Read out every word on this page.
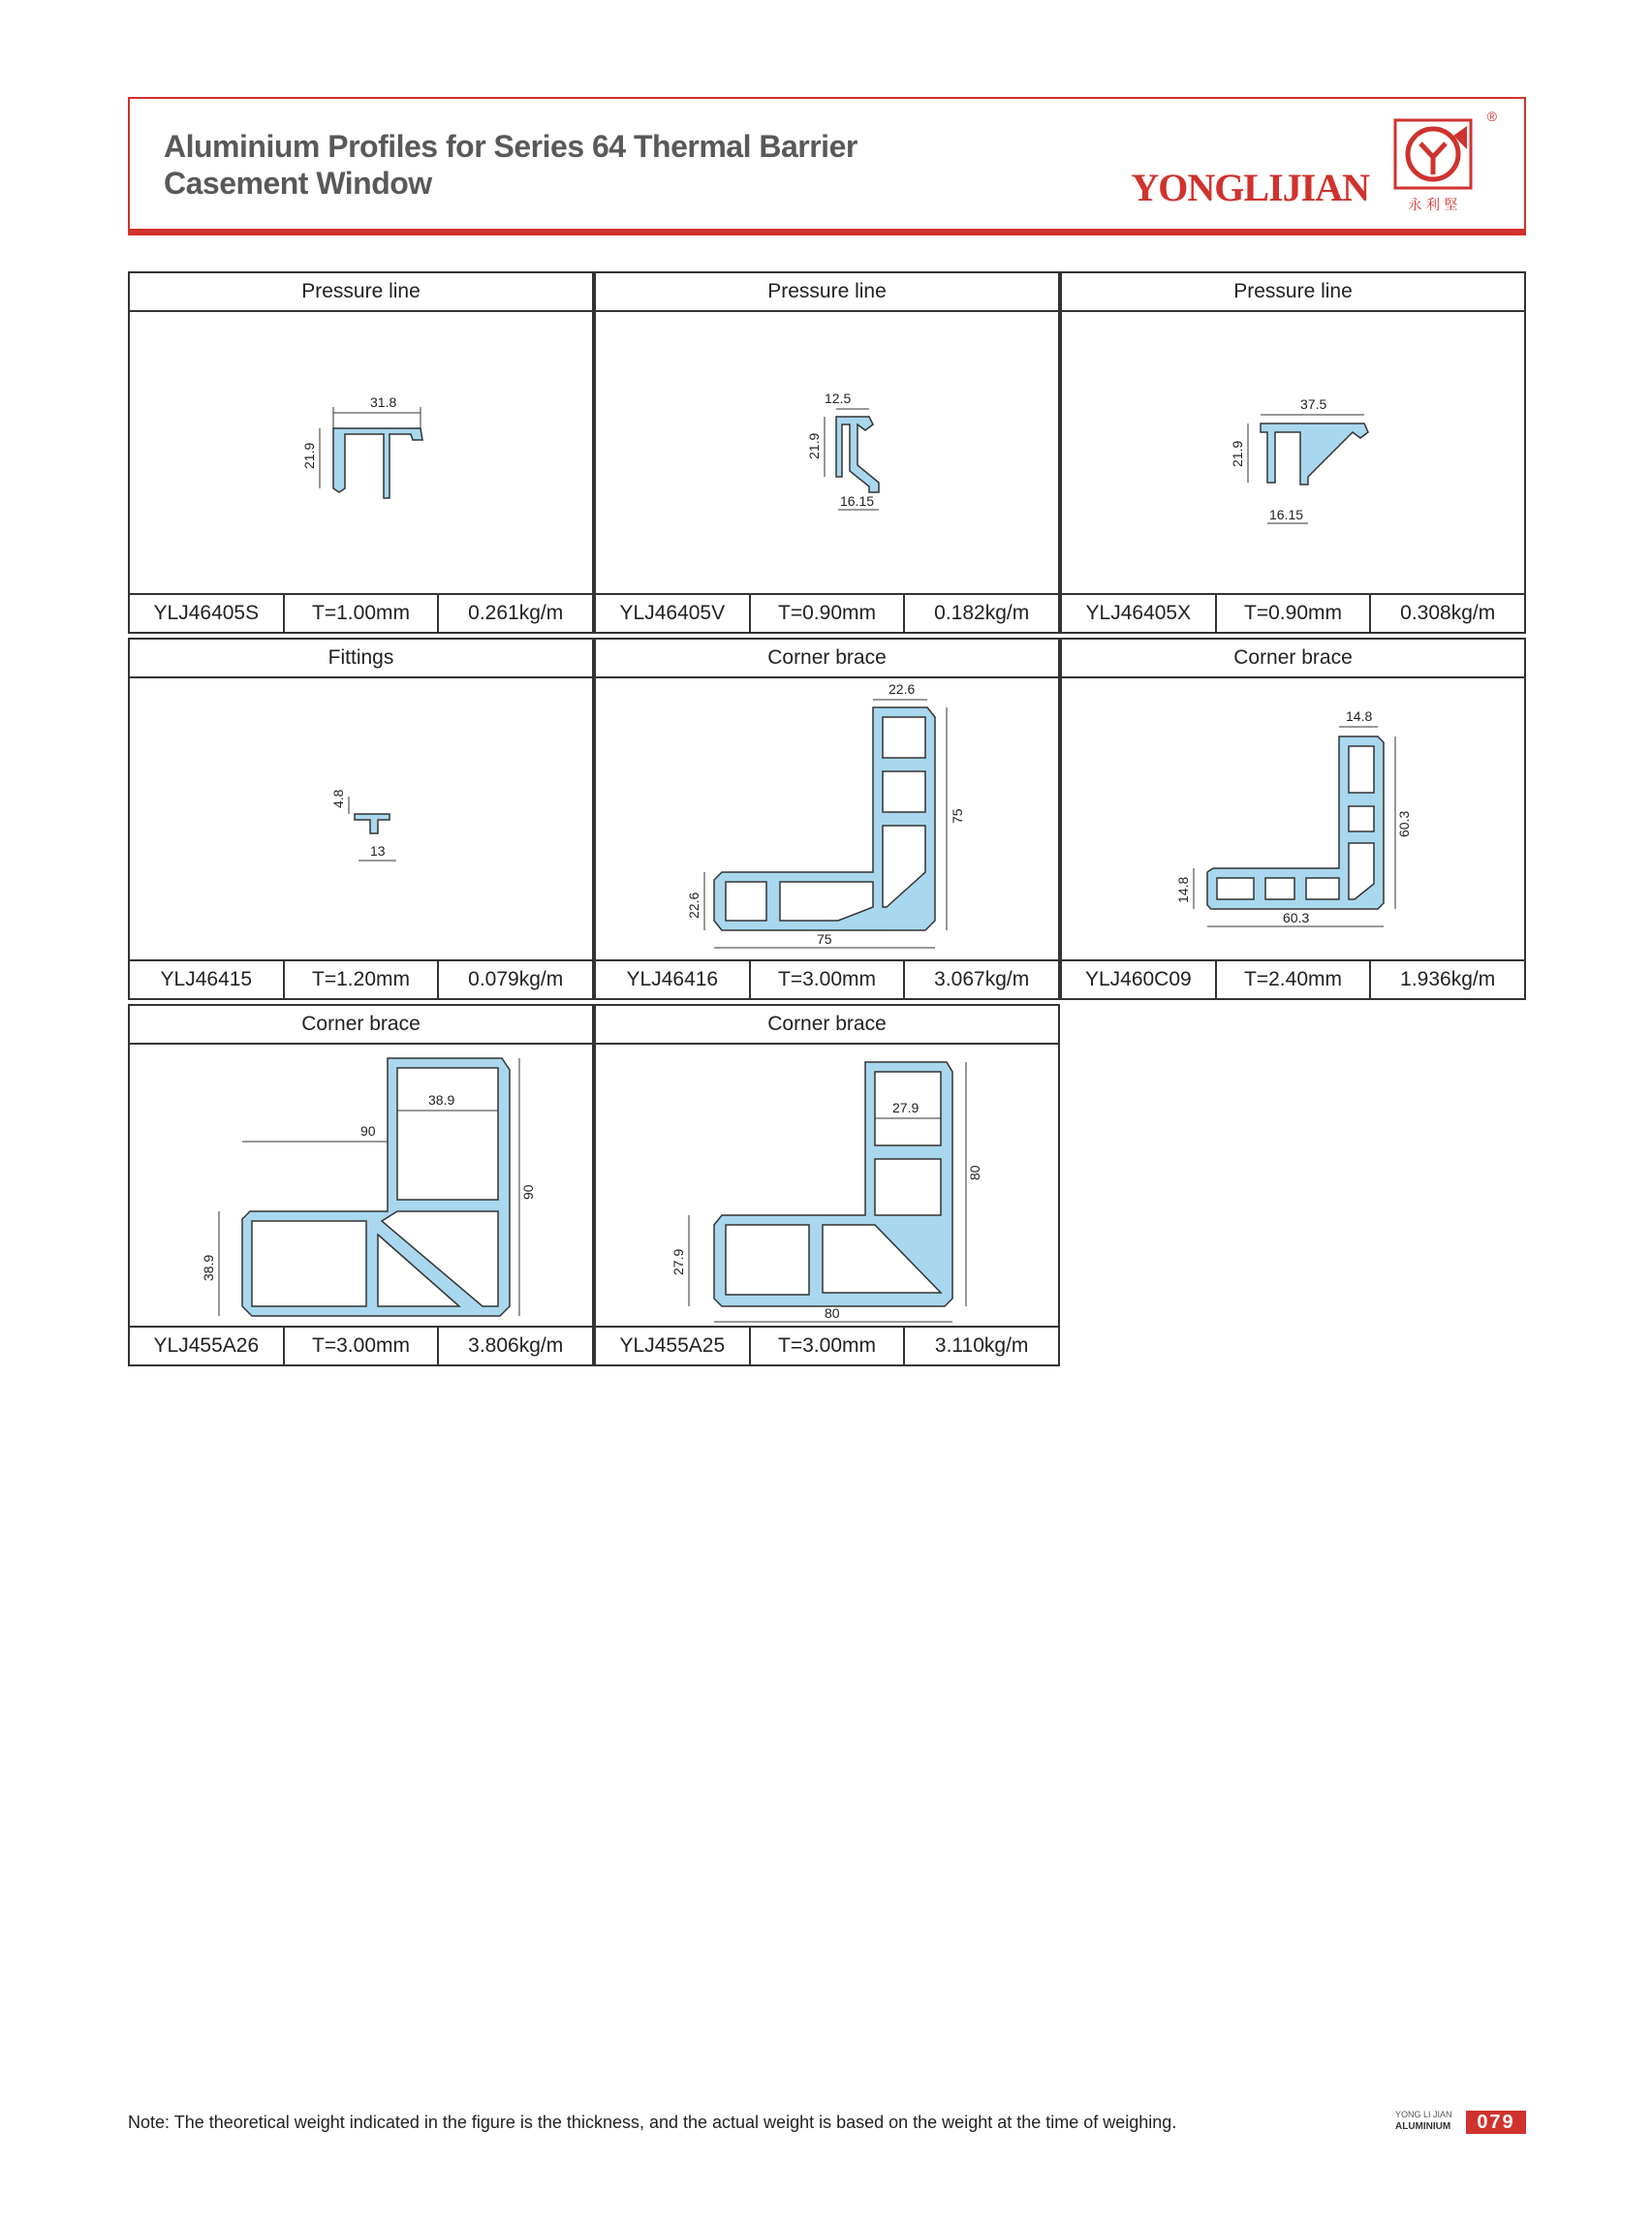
Aluminium Profiles for Series 64 Thermal Barrier
Casement Window	YONGLIJIAN	永 利 堅
®
Pressure line
31.8
21.9
YLJ46405S	T=1.00mm	0.261kg/m
Pressure line
12.5
21.9
16.15
YLJ46405V	T=0.90mm	0.182kg/m
Pressure line
37.5
21.9
16.15
YLJ46405X	T=0.90mm	0.308kg/m
Fittings
4.8
13
YLJ46415	T=1.20mm	0.079kg/m
Corner brace
22.6
75
22.6
75
YLJ46416	T=3.00mm	3.067kg/m
Corner brace
14.8
60.3
14.8
60.3
YLJ460C09	T=2.40mm	1.936kg/m
Corner brace
38.9
90
90
38.9
YLJ455A26	T=3.00mm	3.806kg/m
Corner brace
27.9
80
27.9
80
YLJ455A25	T=3.00mm	3.110kg/m
Note: The theoretical weight indicated in the figure is the thickness, and the actual weight is based on the weight at the time of weighing.	YONG LI JIAN
ALUMINIUM	079
